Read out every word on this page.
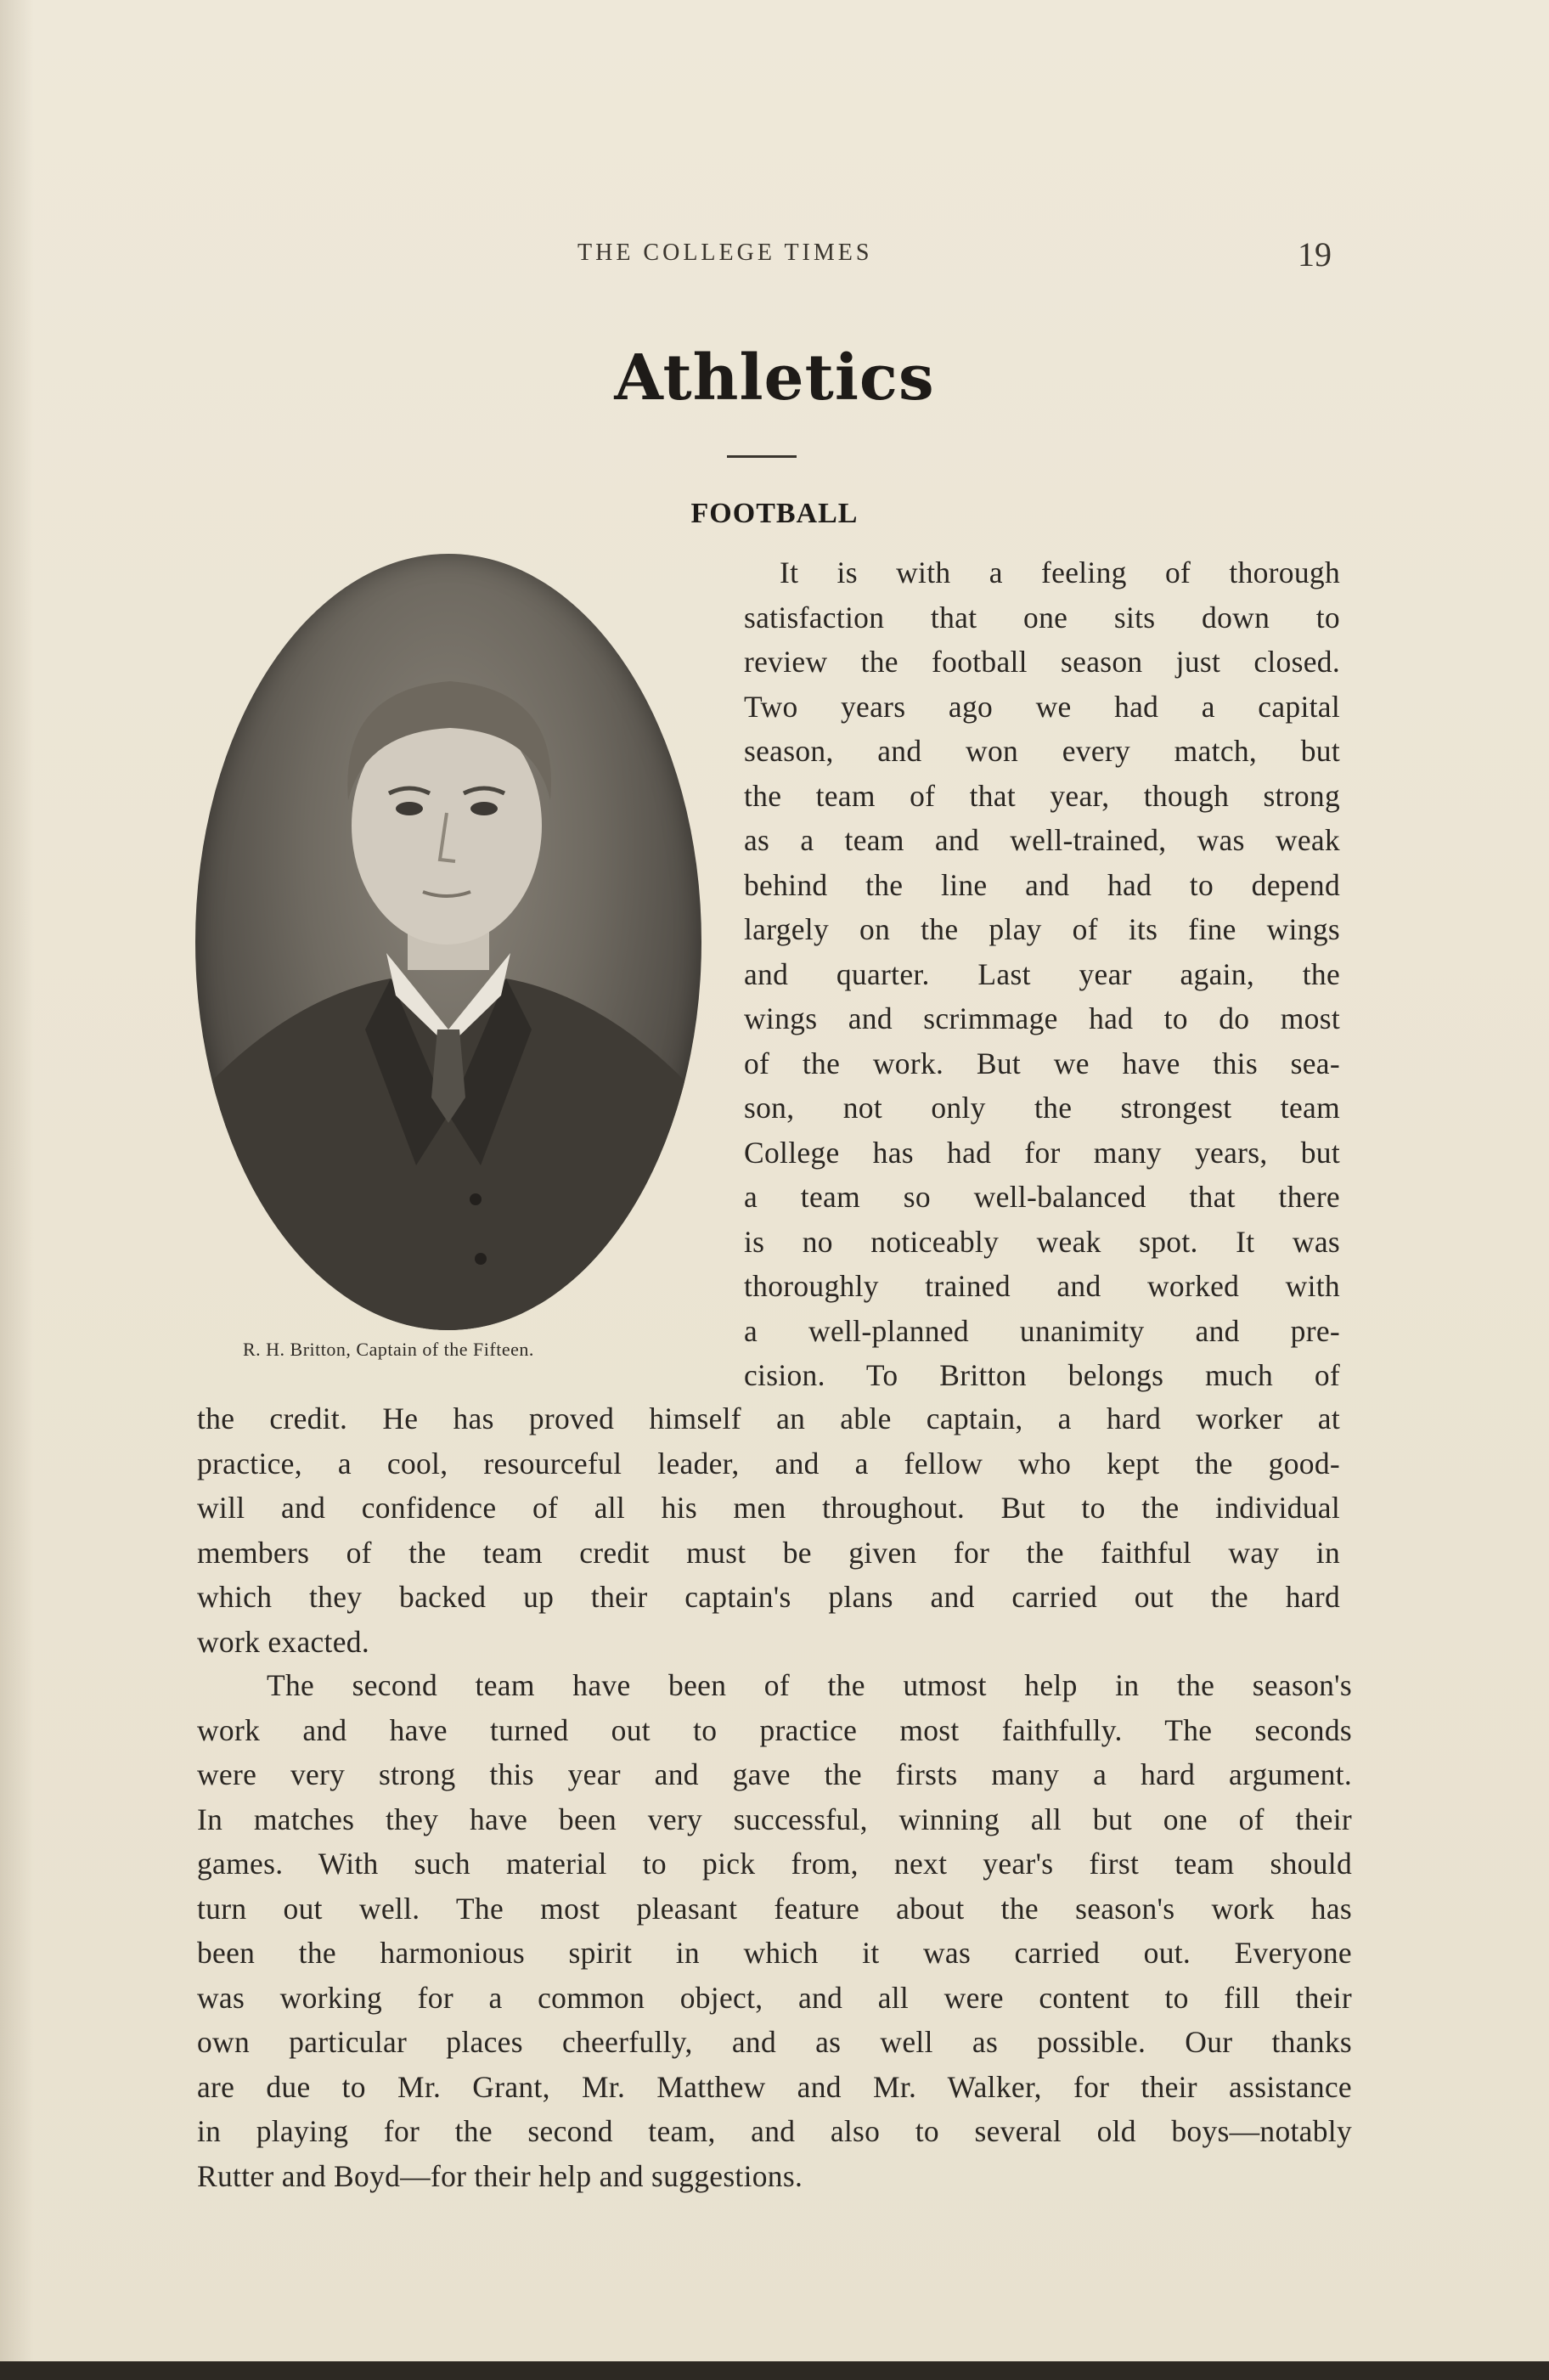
THE COLLEGE TIMES	19
Athletics
FOOTBALL
R. H. Britton, Captain of the Fifteen.
It is with a feeling of thorough
satisfaction that one sits down to
review the football season just closed.
Two years ago we had a capital
season, and won every match, but
the team of that year, though strong
as a team and well-trained, was weak
behind the line and had to depend
largely on the play of its fine wings
and quarter. Last year again, the
wings and scrimmage had to do most
of the work. But we have this sea-
son, not only the strongest team
College has had for many years, but
a team so well-balanced that there
is no noticeably weak spot. It was
thoroughly trained and worked with
a well-planned unanimity and pre-
cision. To Britton belongs much of
the credit. He has proved himself an able captain, a hard worker at
practice, a cool, resourceful leader, and a fellow who kept the good-
will and confidence of all his men throughout. But to the individual
members of the team credit must be given for the faithful way in
which they backed up their captain's plans and carried out the hard
work exacted.
The second team have been of the utmost help in the season's
work and have turned out to practice most faithfully. The seconds
were very strong this year and gave the firsts many a hard argument.
In matches they have been very successful, winning all but one of their
games. With such material to pick from, next year's first team should
turn out well. The most pleasant feature about the season's work has
been the harmonious spirit in which it was carried out. Everyone
was working for a common object, and all were content to fill their
own particular places cheerfully, and as well as possible. Our thanks
are due to Mr. Grant, Mr. Matthew and Mr. Walker, for their assistance
in playing for the second team, and also to several old boys—notably
Rutter and Boyd—for their help and suggestions.
